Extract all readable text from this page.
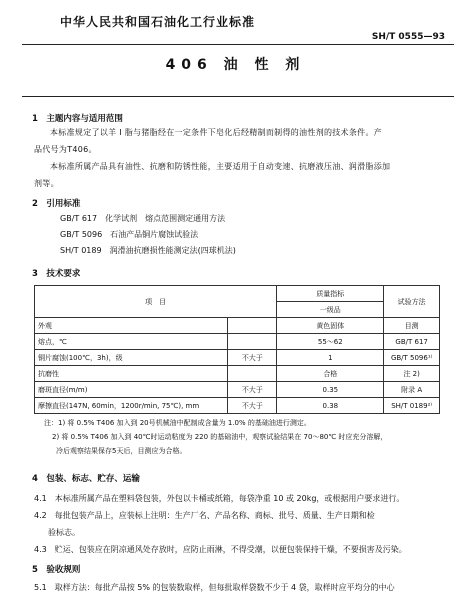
中华人民共和国石油化工行业标准
SH/T 0555—93
406 油 性 剂
1　主题内容与适用范围
本标准规定了以羊 I 脂与猪脂经在一定条件下皂化后经精制而制得的油性剂的技术条件。产
品代号为T406。
本标准所属产品具有油性、抗磨和防锈性能，主要适用于自动变速、抗磨液压油、润滑脂添加
剂等。
2　引用标准
GB/T 617　化学试剂　熔点范围测定通用方法
GB/T 5096　石油产品铜片腐蚀试验法
SH/T 0189　润滑油抗磨损性能测定法(四球机法)
3　技术要求
项　目		质量指标	试验方法
		一级品	
外观		黄色固体	目测
熔点，℃		55～62	GB/T 617
铜片腐蚀(100℃，3h)，级	不大于	1	GB/T 5096¹⁾
抗磨性		合格	注 2)
磨斑直径(m/m)	不大于	0.35	附录 A
摩擦直径(147N, 60min，1200r/min, 75℃), mm	不大于	0.38	SH/T 0189²⁾
注：1) 将 0.5% T406 加入到 20号机械油中配制成含量为 1.0% 的基础油进行测定。
2) 将 0.5% T406 加入到 40℃时运动粘度为 220 的基础油中，观察试验结果在 70～80℃ 时应充分溶解，
冷后观察结果保存5天后，目测应为合格。
4　包装、标志、贮存、运输
4.1　本标准所属产品在塑料袋包装，外包以卡桶或纸箱，每袋净重 10 或 20kg，或根据用户要求进行。
4.2　每批包装产品上，应装标上注明：生产厂名、产品名称、商标、批号、质量、生产日期和检
验标志。
4.3　贮运、包装应在阴凉通风处存放时，应防止雨淋，不得受潮，以便包装保持干燥，不要损害及污染。
5　验收规则
5.1　取样方法：每批产品按 5% 的包装数取样，但每批取样袋数不少于 4 袋，取样时应平均分的中心
